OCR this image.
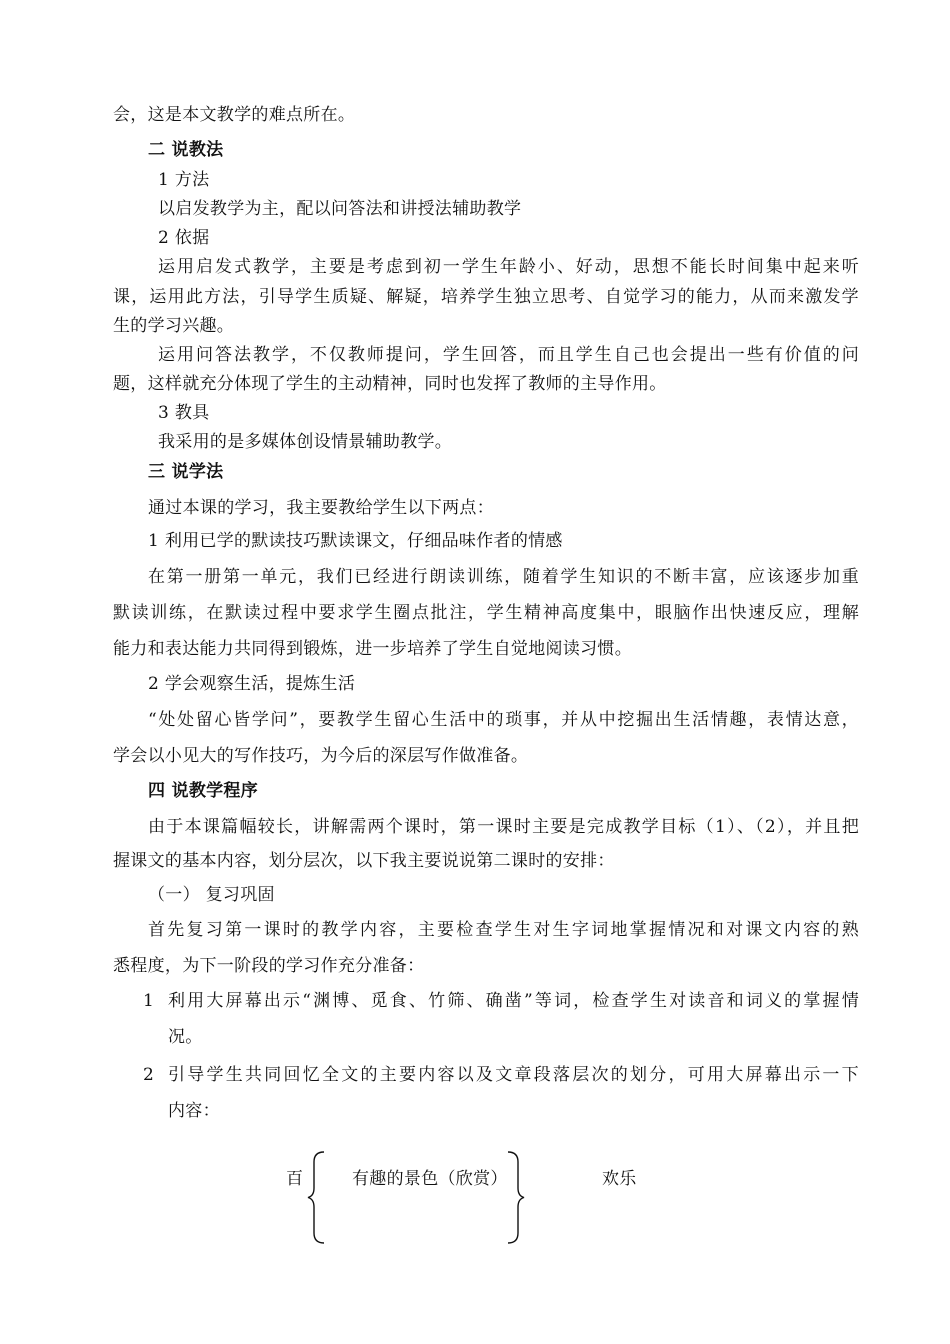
会，这是本文教学的难点所在。
二 说教法
1 方法
以启发教学为主，配以问答法和讲授法辅助教学
2 依据
运用启发式教学，主要是考虑到初一学生年龄小、好动，思想不能长时间集中起来听
课，运用此方法，引导学生质疑、解疑，培养学生独立思考、自觉学习的能力，从而来激发学
生的学习兴趣。
运用问答法教学，不仅教师提问，学生回答，而且学生自己也会提出一些有价值的问
题，这样就充分体现了学生的主动精神，同时也发挥了教师的主导作用。
3 教具
我采用的是多媒体创设情景辅助教学。
三 说学法
通过本课的学习，我主要教给学生以下两点：
1 利用已学的默读技巧默读课文，仔细品味作者的情感
在第一册第一单元，我们已经进行朗读训练，随着学生知识的不断丰富，应该逐步加重
默读训练，在默读过程中要求学生圈点批注，学生精神高度集中，眼脑作出快速反应，理解
能力和表达能力共同得到锻炼，进一步培养了学生自觉地阅读习惯。
2 学会观察生活，提炼生活
“处处留心皆学问”，要教学生留心生活中的琐事，并从中挖掘出生活情趣，表情达意，
学会以小见大的写作技巧，为今后的深层写作做准备。
四 说教学程序
由于本课篇幅较长，讲解需两个课时，第一课时主要是完成教学目标（1）、（2），并且把
握课文的基本内容，划分层次，以下我主要说说第二课时的安排：
（一） 复习巩固
首先复习第一课时的教学内容，主要检查学生对生字词地掌握情况和对课文内容的熟
悉程度，为下一阶段的学习作充分准备：
1 利用大屏幕出示“渊博、觅食、竹筛、确凿”等词，检查学生对读音和词义的掌握情
况。
2 引导学生共同回忆全文的主要内容以及文章段落层次的划分，可用大屏幕出示一下
内容：
百	有趣的景色（欣赏）	欢乐
